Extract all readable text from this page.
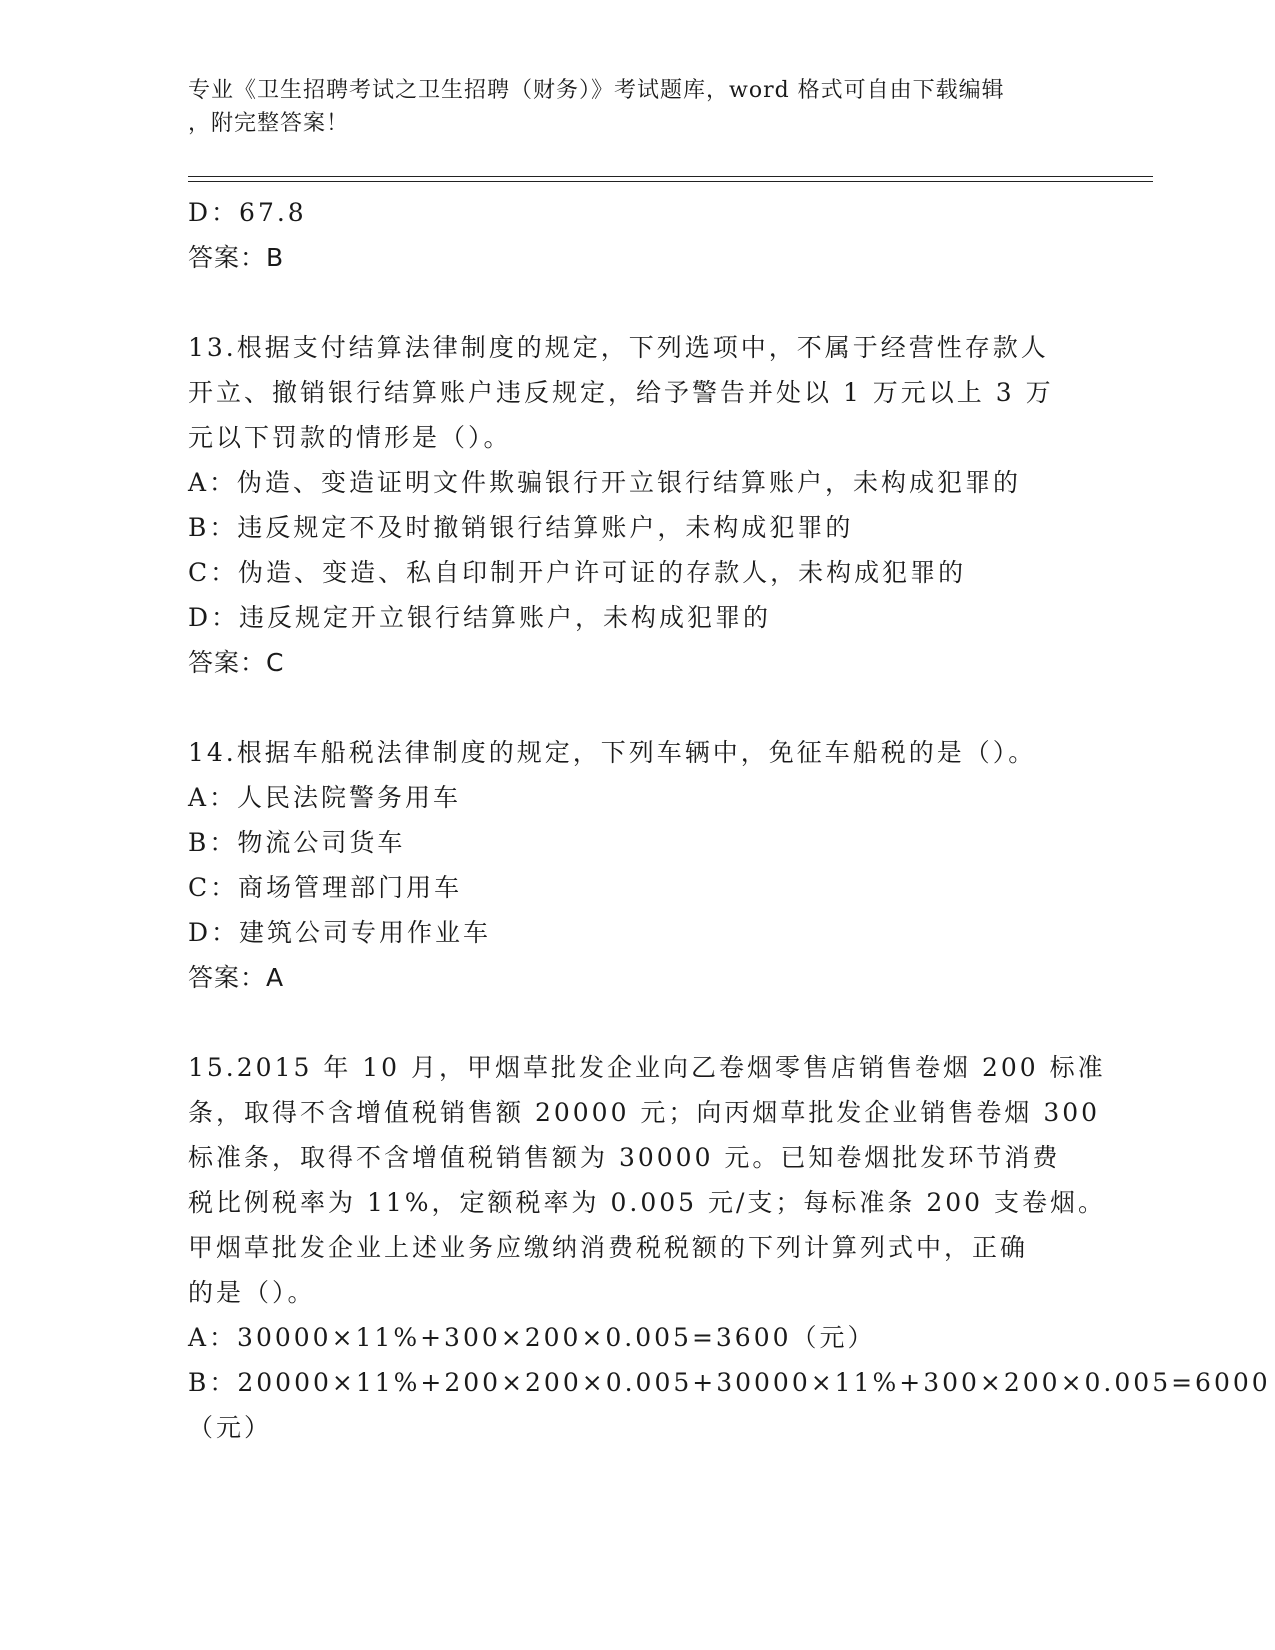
专业《卫生招聘考试之卫生招聘（财务）》考试题库，word 格式可自由下载编辑
，附完整答案！
D：67.8
答案：B
13.根据支付结算法律制度的规定，下列选项中，不属于经营性存款人
开立、撤销银行结算账户违反规定，给予警告并处以 1 万元以上 3 万
元以下罚款的情形是（）。
A：伪造、变造证明文件欺骗银行开立银行结算账户，未构成犯罪的
B：违反规定不及时撤销银行结算账户，未构成犯罪的
C：伪造、变造、私自印制开户许可证的存款人，未构成犯罪的
D：违反规定开立银行结算账户，未构成犯罪的
答案：C
14.根据车船税法律制度的规定，下列车辆中，免征车船税的是（）。
A：人民法院警务用车
B：物流公司货车
C：商场管理部门用车
D：建筑公司专用作业车
答案：A
15.2015 年 10 月，甲烟草批发企业向乙卷烟零售店销售卷烟 200 标准
条，取得不含增值税销售额 20000 元；向丙烟草批发企业销售卷烟 300
标准条，取得不含增值税销售额为 30000 元。已知卷烟批发环节消费
税比例税率为 11%，定额税率为 0.005 元/支；每标准条 200 支卷烟。
甲烟草批发企业上述业务应缴纳消费税税额的下列计算列式中，正确
的是（）。
A：30000×11%+300×200×0.005=3600（元）
B：20000×11%+200×200×0.005+30000×11%+300×200×0.005=6000
（元）
